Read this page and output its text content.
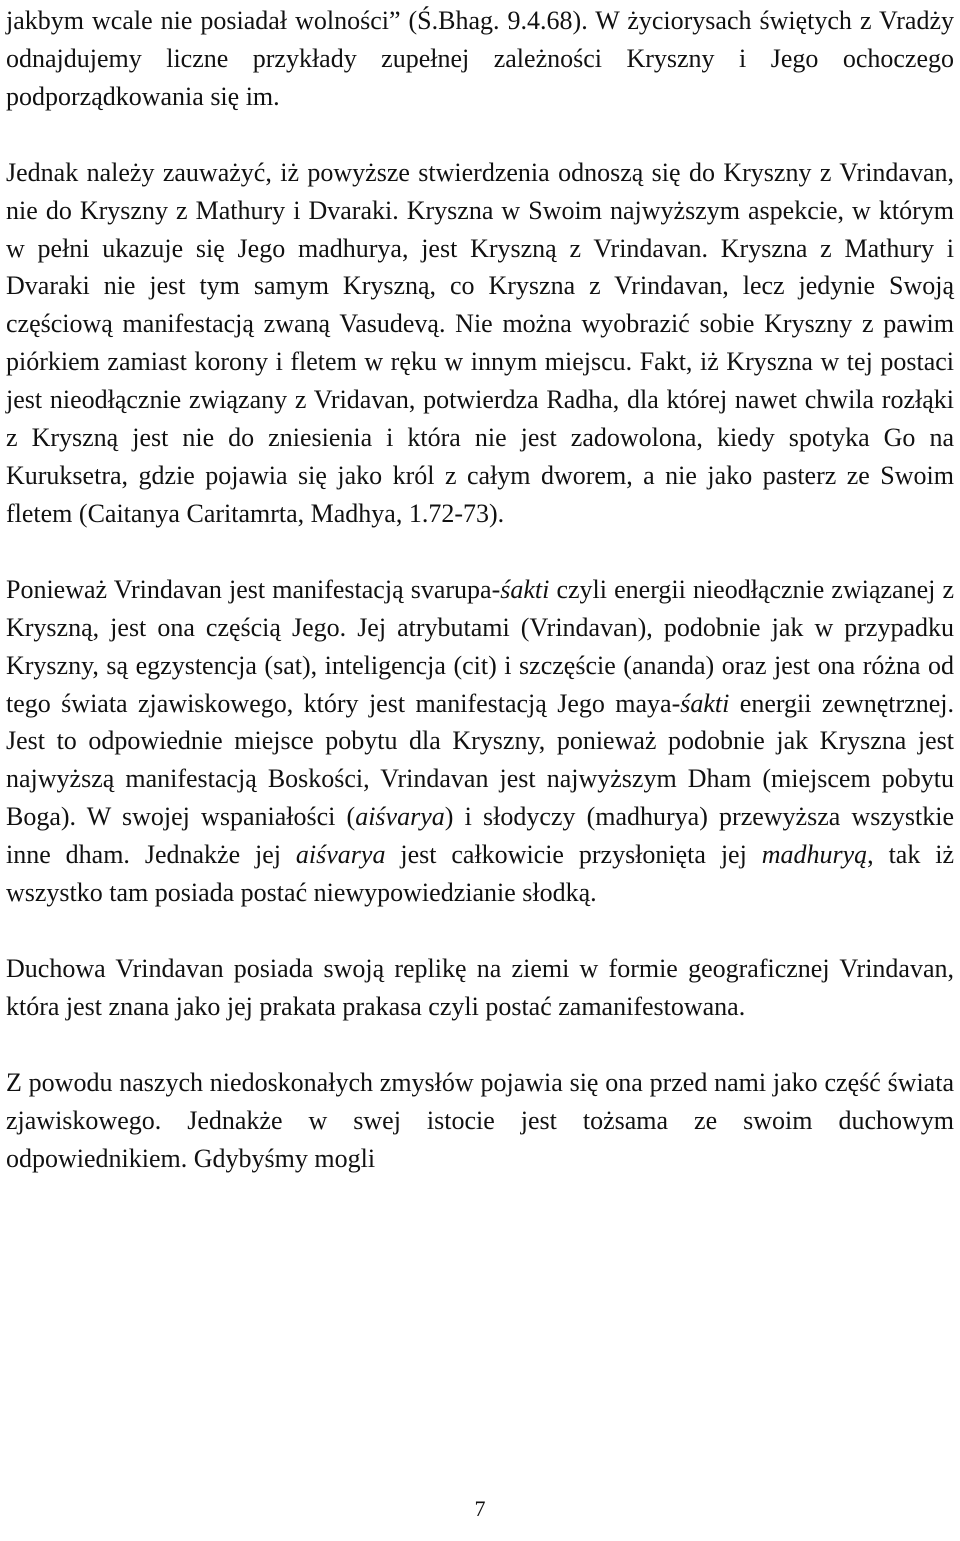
jakbym wcale nie posiadał wolności” (Ś.Bhag. 9.4.68). W życiorysach świętych z Vradży odnajdujemy liczne przykłady zupełnej zależności Kryszny i Jego ochoczego podporządkowania się im.

Jednak należy zauważyć, iż powyższe stwierdzenia odnoszą się do Kryszny z Vrindavan, nie do Kryszny z Mathury i Dvaraki. Kryszna w Swoim najwyższym aspekcie, w którym w pełni ukazuje się Jego madhurya, jest Kryszną z Vrindavan. Kryszna z Mathury i Dvaraki nie jest tym samym Kryszną, co Kryszna z Vrindavan, lecz jedynie Swoją częściową manifestacją zwaną Vasudevą. Nie można wyobrazić sobie Kryszny z pawim piórkiem zamiast korony i fletem w ręku w innym miejscu. Fakt, iż Kryszna w tej postaci jest nieodłącznie związany z Vridavan, potwierdza Radha, dla której nawet chwila rozłąki z Kryszną jest nie do zniesienia i która nie jest zadowolona, kiedy spotyka Go na Kuruksetra, gdzie pojawia się jako król z całym dworem, a nie jako pasterz ze Swoim fletem (Caitanya Caritamrta, Madhya, 1.72-73).

Ponieważ Vrindavan jest manifestacją svarupa-śakti czyli energii nieodłącznie związanej z Kryszną, jest ona częścią Jego. Jej atrybutami (Vrindavan), podobnie jak w przypadku Kryszny, są egzystencja (sat), inteligencja (cit) i szczęście (ananda) oraz jest ona różna od tego świata zjawiskowego, który jest manifestacją Jego maya-śakti energii zewnętrznej. Jest to odpowiednie miejsce pobytu dla Kryszny, ponieważ podobnie jak Kryszna jest najwyższą manifestacją Boskości, Vrindavan jest najwyższym Dham (miejscem pobytu Boga). W swojej wspaniałości (aiśvarya) i słodyczy (madhurya) przewyższa wszystkie inne dham. Jednakże jej aiśvarya jest całkowicie przysłonięta jej madhuryą, tak iż wszystko tam posiada postać niewypowiedzianie słodką.

Duchowa Vrindavan posiada swoją replikę na ziemi w formie geograficznej Vrindavan, która jest znana jako jej prakata prakasa czyli postać zamanifestowana.

Z powodu naszych niedoskonałych zmysłów pojawia się ona przed nami jako część świata zjawiskowego. Jednakże w swej istocie jest tożsama ze swoim duchowym odpowiednikiem. Gdybyśmy mogli

7
